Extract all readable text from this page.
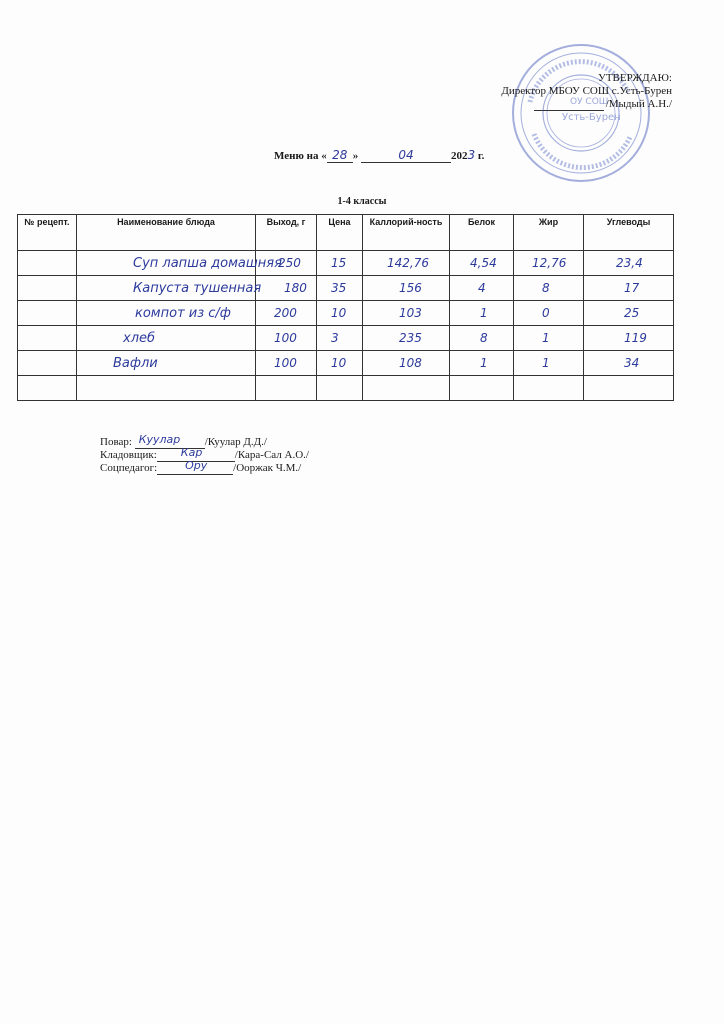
Усть-Бурен
ОУ СОШ
УТВЕРЖДАЮ:
Директор МБОУ СОШ с.Усть-Бурен
/Мыдый А.Н./
Меню на « 28 »	04	2023 г.
1-4 классы
№ рецепт.	Наименование блюда	Выход, г	Цена	Каллорий-ность	Белок	Жир	Углеводы
	Суп лапша домашняя	250	15	142,76	4,54	12,76	23,4
	Капуста тушенная	180	35	156	4	8	17
	компот из с/ф	200	10	103	1	0	25
	хлеб	100	3	235	8	1	119
	Вафли	100	10	108	1	1	34

Повар: Куулар /Куулар Д.Д./
Кладовщик: Кар	/Кара-Сал А.О./
Соцпедагог:	Ору /Ооржак Ч.М./
